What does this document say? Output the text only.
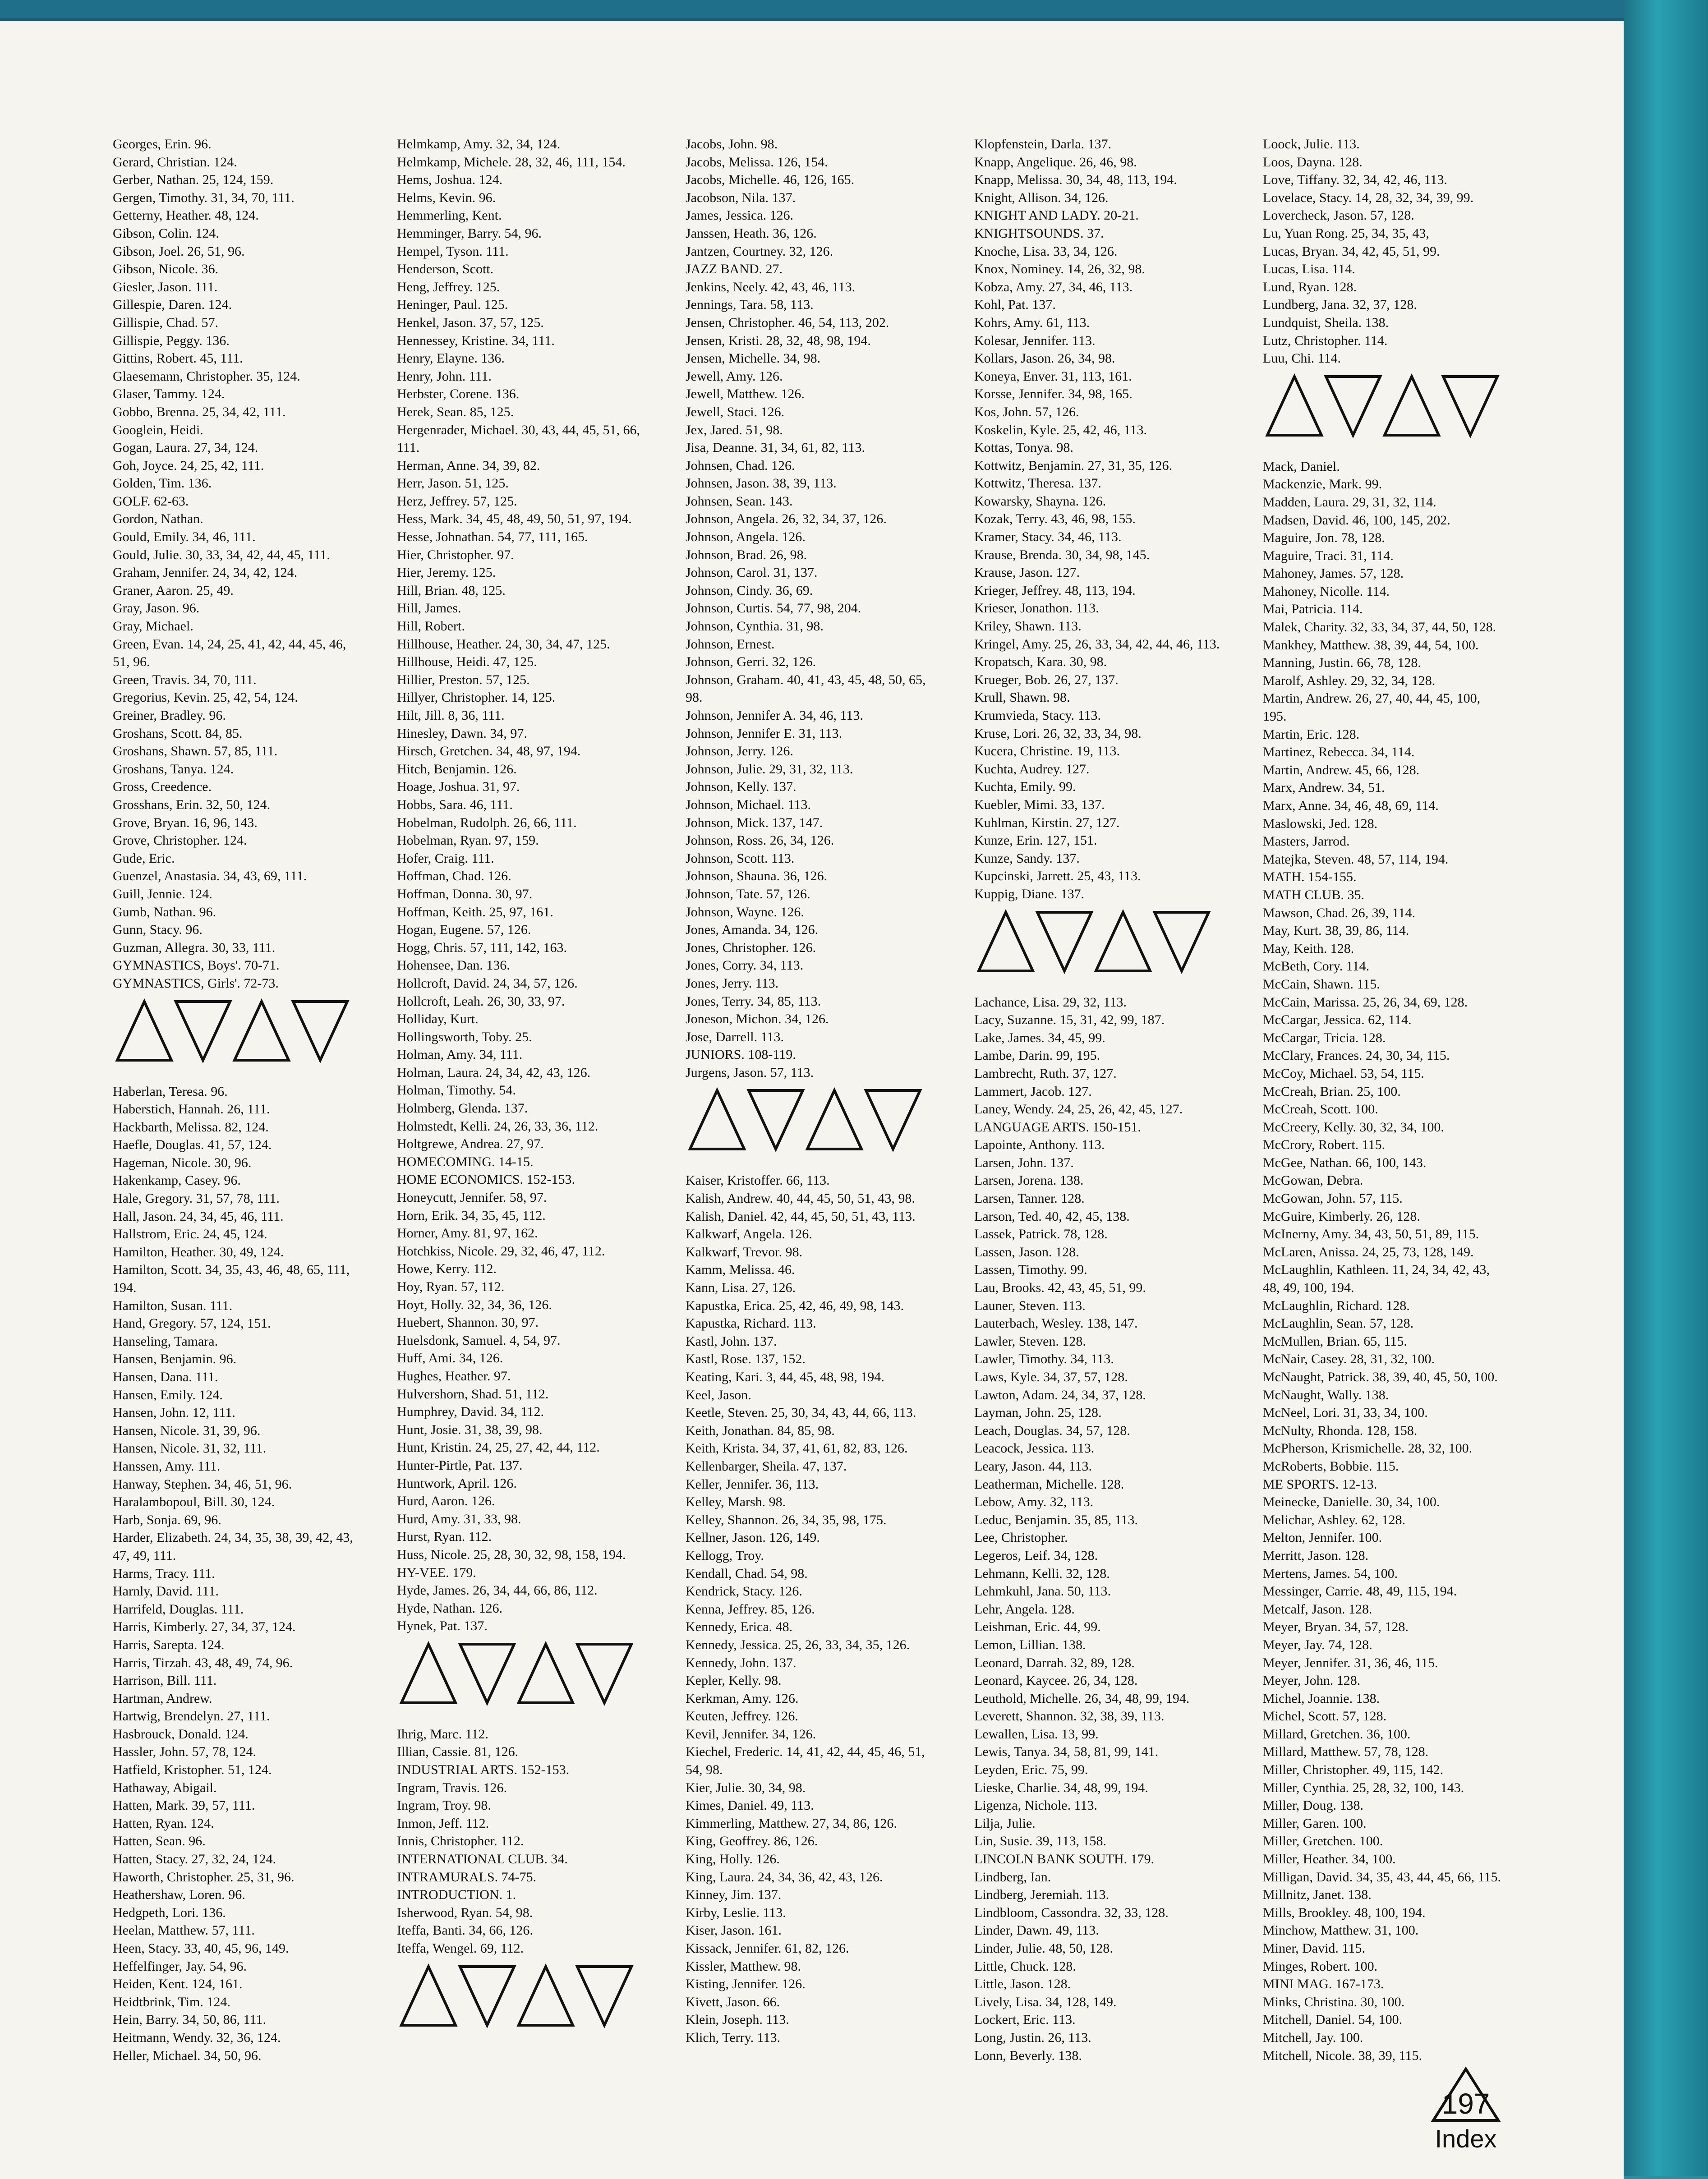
Georges, Erin. 96.
Gerard, Christian. 124.
Gerber, Nathan. 25, 124, 159.
Gergen, Timothy. 31, 34, 70, 111.
Getterny, Heather. 48, 124.
Gibson, Colin. 124.
Gibson, Joel. 26, 51, 96.
Gibson, Nicole. 36.
Giesler, Jason. 111.
Gillespie, Daren. 124.
Gillispie, Chad. 57.
Gillispie, Peggy. 136.
Gittins, Robert. 45, 111.
Glaesemann, Christopher. 35, 124.
Glaser, Tammy. 124.
Gobbo, Brenna. 25, 34, 42, 111.
Googlein, Heidi.
Gogan, Laura. 27, 34, 124.
Goh, Joyce. 24, 25, 42, 111.
Golden, Tim. 136.
GOLF. 62-63.
Gordon, Nathan.
Gould, Emily. 34, 46, 111.
Gould, Julie. 30, 33, 34, 42, 44, 45, 111.
Graham, Jennifer. 24, 34, 42, 124.
Graner, Aaron. 25, 49.
Gray, Jason. 96.
Gray, Michael.
Green, Evan. 14, 24, 25, 41, 42, 44, 45, 46,
51, 96.
Green, Travis. 34, 70, 111.
Gregorius, Kevin. 25, 42, 54, 124.
Greiner, Bradley. 96.
Groshans, Scott. 84, 85.
Groshans, Shawn. 57, 85, 111.
Groshans, Tanya. 124.
Gross, Creedence.
Grosshans, Erin. 32, 50, 124.
Grove, Bryan. 16, 96, 143.
Grove, Christopher. 124.
Gude, Eric.
Guenzel, Anastasia. 34, 43, 69, 111.
Guill, Jennie. 124.
Gumb, Nathan. 96.
Gunn, Stacy. 96.
Guzman, Allegra. 30, 33, 111.
GYMNASTICS, Boys'. 70-71.
GYMNASTICS, Girls'. 72-73.
Haberlan, Teresa. 96.
Haberstich, Hannah. 26, 111.
Hackbarth, Melissa. 82, 124.
Haefle, Douglas. 41, 57, 124.
Hageman, Nicole. 30, 96.
Hakenkamp, Casey. 96.
Hale, Gregory. 31, 57, 78, 111.
Hall, Jason. 24, 34, 45, 46, 111.
Hallstrom, Eric. 24, 45, 124.
Hamilton, Heather. 30, 49, 124.
Hamilton, Scott. 34, 35, 43, 46, 48, 65, 111,
194.
Hamilton, Susan. 111.
Hand, Gregory. 57, 124, 151.
Hanseling, Tamara.
Hansen, Benjamin. 96.
Hansen, Dana. 111.
Hansen, Emily. 124.
Hansen, John. 12, 111.
Hansen, Nicole. 31, 39, 96.
Hansen, Nicole. 31, 32, 111.
Hanssen, Amy. 111.
Hanway, Stephen. 34, 46, 51, 96.
Haralambopoul, Bill. 30, 124.
Harb, Sonja. 69, 96.
Harder, Elizabeth. 24, 34, 35, 38, 39, 42, 43,
47, 49, 111.
Harms, Tracy. 111.
Harnly, David. 111.
Harrifeld, Douglas. 111.
Harris, Kimberly. 27, 34, 37, 124.
Harris, Sarepta. 124.
Harris, Tirzah. 43, 48, 49, 74, 96.
Harrison, Bill. 111.
Hartman, Andrew.
Hartwig, Brendelyn. 27, 111.
Hasbrouck, Donald. 124.
Hassler, John. 57, 78, 124.
Hatfield, Kristopher. 51, 124.
Hathaway, Abigail.
Hatten, Mark. 39, 57, 111.
Hatten, Ryan. 124.
Hatten, Sean. 96.
Hatten, Stacy. 27, 32, 24, 124.
Haworth, Christopher. 25, 31, 96.
Heathershaw, Loren. 96.
Hedgpeth, Lori. 136.
Heelan, Matthew. 57, 111.
Heen, Stacy. 33, 40, 45, 96, 149.
Heffelfinger, Jay. 54, 96.
Heiden, Kent. 124, 161.
Heidtbrink, Tim. 124.
Hein, Barry. 34, 50, 86, 111.
Heitmann, Wendy. 32, 36, 124.
Heller, Michael. 34, 50, 96.
Helmkamp, Amy. 32, 34, 124.
Helmkamp, Michele. 28, 32, 46, 111, 154.
Hems, Joshua. 124.
Helms, Kevin. 96.
Hemmerling, Kent.
Hemminger, Barry. 54, 96.
Hempel, Tyson. 111.
Henderson, Scott.
Heng, Jeffrey. 125.
Heninger, Paul. 125.
Henkel, Jason. 37, 57, 125.
Hennessey, Kristine. 34, 111.
Henry, Elayne. 136.
Henry, John. 111.
Herbster, Corene. 136.
Herek, Sean. 85, 125.
Hergenrader, Michael. 30, 43, 44, 45, 51, 66,
111.
Herman, Anne. 34, 39, 82.
Herr, Jason. 51, 125.
Herz, Jeffrey. 57, 125.
Hess, Mark. 34, 45, 48, 49, 50, 51, 97, 194.
Hesse, Johnathan. 54, 77, 111, 165.
Hier, Christopher. 97.
Hier, Jeremy. 125.
Hill, Brian. 48, 125.
Hill, James.
Hill, Robert.
Hillhouse, Heather. 24, 30, 34, 47, 125.
Hillhouse, Heidi. 47, 125.
Hillier, Preston. 57, 125.
Hillyer, Christopher. 14, 125.
Hilt, Jill. 8, 36, 111.
Hinesley, Dawn. 34, 97.
Hirsch, Gretchen. 34, 48, 97, 194.
Hitch, Benjamin. 126.
Hoage, Joshua. 31, 97.
Hobbs, Sara. 46, 111.
Hobelman, Rudolph. 26, 66, 111.
Hobelman, Ryan. 97, 159.
Hofer, Craig. 111.
Hoffman, Chad. 126.
Hoffman, Donna. 30, 97.
Hoffman, Keith. 25, 97, 161.
Hogan, Eugene. 57, 126.
Hogg, Chris. 57, 111, 142, 163.
Hohensee, Dan. 136.
Hollcroft, David. 24, 34, 57, 126.
Hollcroft, Leah. 26, 30, 33, 97.
Holliday, Kurt.
Hollingsworth, Toby. 25.
Holman, Amy. 34, 111.
Holman, Laura. 24, 34, 42, 43, 126.
Holman, Timothy. 54.
Holmberg, Glenda. 137.
Holmstedt, Kelli. 24, 26, 33, 36, 112.
Holtgrewe, Andrea. 27, 97.
HOMECOMING. 14-15.
HOME ECONOMICS. 152-153.
Honeycutt, Jennifer. 58, 97.
Horn, Erik. 34, 35, 45, 112.
Horner, Amy. 81, 97, 162.
Hotchkiss, Nicole. 29, 32, 46, 47, 112.
Howe, Kerry. 112.
Hoy, Ryan. 57, 112.
Hoyt, Holly. 32, 34, 36, 126.
Huebert, Shannon. 30, 97.
Huelsdonk, Samuel. 4, 54, 97.
Huff, Ami. 34, 126.
Hughes, Heather. 97.
Hulvershorn, Shad. 51, 112.
Humphrey, David. 34, 112.
Hunt, Josie. 31, 38, 39, 98.
Hunt, Kristin. 24, 25, 27, 42, 44, 112.
Hunter-Pirtle, Pat. 137.
Huntwork, April. 126.
Hurd, Aaron. 126.
Hurd, Amy. 31, 33, 98.
Hurst, Ryan. 112.
Huss, Nicole. 25, 28, 30, 32, 98, 158, 194.
HY-VEE. 179.
Hyde, James. 26, 34, 44, 66, 86, 112.
Hyde, Nathan. 126.
Hynek, Pat. 137.
Ihrig, Marc. 112.
Illian, Cassie. 81, 126.
INDUSTRIAL ARTS. 152-153.
Ingram, Travis. 126.
Ingram, Troy. 98.
Inmon, Jeff. 112.
Innis, Christopher. 112.
INTERNATIONAL CLUB. 34.
INTRAMURALS. 74-75.
INTRODUCTION. 1.
Isherwood, Ryan. 54, 98.
Iteffa, Banti. 34, 66, 126.
Iteffa, Wengel. 69, 112.
Jacobs, John. 98.
Jacobs, Melissa. 126, 154.
Jacobs, Michelle. 46, 126, 165.
Jacobson, Nila. 137.
James, Jessica. 126.
Janssen, Heath. 36, 126.
Jantzen, Courtney. 32, 126.
JAZZ BAND. 27.
Jenkins, Neely. 42, 43, 46, 113.
Jennings, Tara. 58, 113.
Jensen, Christopher. 46, 54, 113, 202.
Jensen, Kristi. 28, 32, 48, 98, 194.
Jensen, Michelle. 34, 98.
Jewell, Amy. 126.
Jewell, Matthew. 126.
Jewell, Staci. 126.
Jex, Jared. 51, 98.
Jisa, Deanne. 31, 34, 61, 82, 113.
Johnsen, Chad. 126.
Johnsen, Jason. 38, 39, 113.
Johnsen, Sean. 143.
Johnson, Angela. 26, 32, 34, 37, 126.
Johnson, Angela. 126.
Johnson, Brad. 26, 98.
Johnson, Carol. 31, 137.
Johnson, Cindy. 36, 69.
Johnson, Curtis. 54, 77, 98, 204.
Johnson, Cynthia. 31, 98.
Johnson, Ernest.
Johnson, Gerri. 32, 126.
Johnson, Graham. 40, 41, 43, 45, 48, 50, 65,
98.
Johnson, Jennifer A. 34, 46, 113.
Johnson, Jennifer E. 31, 113.
Johnson, Jerry. 126.
Johnson, Julie. 29, 31, 32, 113.
Johnson, Kelly. 137.
Johnson, Michael. 113.
Johnson, Mick. 137, 147.
Johnson, Ross. 26, 34, 126.
Johnson, Scott. 113.
Johnson, Shauna. 36, 126.
Johnson, Tate. 57, 126.
Johnson, Wayne. 126.
Jones, Amanda. 34, 126.
Jones, Christopher. 126.
Jones, Corry. 34, 113.
Jones, Jerry. 113.
Jones, Terry. 34, 85, 113.
Joneson, Michon. 34, 126.
Jose, Darrell. 113.
JUNIORS. 108-119.
Jurgens, Jason. 57, 113.
Kaiser, Kristoffer. 66, 113.
Kalish, Andrew. 40, 44, 45, 50, 51, 43, 98.
Kalish, Daniel. 42, 44, 45, 50, 51, 43, 113.
Kalkwarf, Angela. 126.
Kalkwarf, Trevor. 98.
Kamm, Melissa. 46.
Kann, Lisa. 27, 126.
Kapustka, Erica. 25, 42, 46, 49, 98, 143.
Kapustka, Richard. 113.
Kastl, John. 137.
Kastl, Rose. 137, 152.
Keating, Kari. 3, 44, 45, 48, 98, 194.
Keel, Jason.
Keetle, Steven. 25, 30, 34, 43, 44, 66, 113.
Keith, Jonathan. 84, 85, 98.
Keith, Krista. 34, 37, 41, 61, 82, 83, 126.
Kellenbarger, Sheila. 47, 137.
Keller, Jennifer. 36, 113.
Kelley, Marsh. 98.
Kelley, Shannon. 26, 34, 35, 98, 175.
Kellner, Jason. 126, 149.
Kellogg, Troy.
Kendall, Chad. 54, 98.
Kendrick, Stacy. 126.
Kenna, Jeffrey. 85, 126.
Kennedy, Erica. 48.
Kennedy, Jessica. 25, 26, 33, 34, 35, 126.
Kennedy, John. 137.
Kepler, Kelly. 98.
Kerkman, Amy. 126.
Keuten, Jeffrey. 126.
Kevil, Jennifer. 34, 126.
Kiechel, Frederic. 14, 41, 42, 44, 45, 46, 51,
54, 98.
Kier, Julie. 30, 34, 98.
Kimes, Daniel. 49, 113.
Kimmerling, Matthew. 27, 34, 86, 126.
King, Geoffrey. 86, 126.
King, Holly. 126.
King, Laura. 24, 34, 36, 42, 43, 126.
Kinney, Jim. 137.
Kirby, Leslie. 113.
Kiser, Jason. 161.
Kissack, Jennifer. 61, 82, 126.
Kissler, Matthew. 98.
Kisting, Jennifer. 126.
Kivett, Jason. 66.
Klein, Joseph. 113.
Klich, Terry. 113.
Klopfenstein, Darla. 137.
Knapp, Angelique. 26, 46, 98.
Knapp, Melissa. 30, 34, 48, 113, 194.
Knight, Allison. 34, 126.
KNIGHT AND LADY. 20-21.
KNIGHTSOUNDS. 37.
Knoche, Lisa. 33, 34, 126.
Knox, Nominey. 14, 26, 32, 98.
Kobza, Amy. 27, 34, 46, 113.
Kohl, Pat. 137.
Kohrs, Amy. 61, 113.
Kolesar, Jennifer. 113.
Kollars, Jason. 26, 34, 98.
Koneya, Enver. 31, 113, 161.
Korsse, Jennifer. 34, 98, 165.
Kos, John. 57, 126.
Koskelin, Kyle. 25, 42, 46, 113.
Kottas, Tonya. 98.
Kottwitz, Benjamin. 27, 31, 35, 126.
Kottwitz, Theresa. 137.
Kowarsky, Shayna. 126.
Kozak, Terry. 43, 46, 98, 155.
Kramer, Stacy. 34, 46, 113.
Krause, Brenda. 30, 34, 98, 145.
Krause, Jason. 127.
Krieger, Jeffrey. 48, 113, 194.
Krieser, Jonathon. 113.
Kriley, Shawn. 113.
Kringel, Amy. 25, 26, 33, 34, 42, 44, 46, 113.
Kropatsch, Kara. 30, 98.
Krueger, Bob. 26, 27, 137.
Krull, Shawn. 98.
Krumvieda, Stacy. 113.
Kruse, Lori. 26, 32, 33, 34, 98.
Kucera, Christine. 19, 113.
Kuchta, Audrey. 127.
Kuchta, Emily. 99.
Kuebler, Mimi. 33, 137.
Kuhlman, Kirstin. 27, 127.
Kunze, Erin. 127, 151.
Kunze, Sandy. 137.
Kupcinski, Jarrett. 25, 43, 113.
Kuppig, Diane. 137.
Lachance, Lisa. 29, 32, 113.
Lacy, Suzanne. 15, 31, 42, 99, 187.
Lake, James. 34, 45, 99.
Lambe, Darin. 99, 195.
Lambrecht, Ruth. 37, 127.
Lammert, Jacob. 127.
Laney, Wendy. 24, 25, 26, 42, 45, 127.
LANGUAGE ARTS. 150-151.
Lapointe, Anthony. 113.
Larsen, John. 137.
Larsen, Jorena. 138.
Larsen, Tanner. 128.
Larson, Ted. 40, 42, 45, 138.
Lassek, Patrick. 78, 128.
Lassen, Jason. 128.
Lassen, Timothy. 99.
Lau, Brooks. 42, 43, 45, 51, 99.
Launer, Steven. 113.
Lauterbach, Wesley. 138, 147.
Lawler, Steven. 128.
Lawler, Timothy. 34, 113.
Laws, Kyle. 34, 37, 57, 128.
Lawton, Adam. 24, 34, 37, 128.
Layman, John. 25, 128.
Leach, Douglas. 34, 57, 128.
Leacock, Jessica. 113.
Leary, Jason. 44, 113.
Leatherman, Michelle. 128.
Lebow, Amy. 32, 113.
Leduc, Benjamin. 35, 85, 113.
Lee, Christopher.
Legeros, Leif. 34, 128.
Lehmann, Kelli. 32, 128.
Lehmkuhl, Jana. 50, 113.
Lehr, Angela. 128.
Leishman, Eric. 44, 99.
Lemon, Lillian. 138.
Leonard, Darrah. 32, 89, 128.
Leonard, Kaycee. 26, 34, 128.
Leuthold, Michelle. 26, 34, 48, 99, 194.
Leverett, Shannon. 32, 38, 39, 113.
Lewallen, Lisa. 13, 99.
Lewis, Tanya. 34, 58, 81, 99, 141.
Leyden, Eric. 75, 99.
Lieske, Charlie. 34, 48, 99, 194.
Ligenza, Nichole. 113.
Lilja, Julie.
Lin, Susie. 39, 113, 158.
LINCOLN BANK SOUTH. 179.
Lindberg, Ian.
Lindberg, Jeremiah. 113.
Lindbloom, Cassondra. 32, 33, 128.
Linder, Dawn. 49, 113.
Linder, Julie. 48, 50, 128.
Little, Chuck. 128.
Little, Jason. 128.
Lively, Lisa. 34, 128, 149.
Lockert, Eric. 113.
Long, Justin. 26, 113.
Lonn, Beverly. 138.
Loock, Julie. 113.
Loos, Dayna. 128.
Love, Tiffany. 32, 34, 42, 46, 113.
Lovelace, Stacy. 14, 28, 32, 34, 39, 99.
Lovercheck, Jason. 57, 128.
Lu, Yuan Rong. 25, 34, 35, 43,
Lucas, Bryan. 34, 42, 45, 51, 99.
Lucas, Lisa. 114.
Lund, Ryan. 128.
Lundberg, Jana. 32, 37, 128.
Lundquist, Sheila. 138.
Lutz, Christopher. 114.
Luu, Chi. 114.
Mack, Daniel.
Mackenzie, Mark. 99.
Madden, Laura. 29, 31, 32, 114.
Madsen, David. 46, 100, 145, 202.
Maguire, Jon. 78, 128.
Maguire, Traci. 31, 114.
Mahoney, James. 57, 128.
Mahoney, Nicolle. 114.
Mai, Patricia. 114.
Malek, Charity. 32, 33, 34, 37, 44, 50, 128.
Mankhey, Matthew. 38, 39, 44, 54, 100.
Manning, Justin. 66, 78, 128.
Marolf, Ashley. 29, 32, 34, 128.
Martin, Andrew. 26, 27, 40, 44, 45, 100,
195.
Martin, Eric. 128.
Martinez, Rebecca. 34, 114.
Martin, Andrew. 45, 66, 128.
Marx, Andrew. 34, 51.
Marx, Anne. 34, 46, 48, 69, 114.
Maslowski, Jed. 128.
Masters, Jarrod.
Matejka, Steven. 48, 57, 114, 194.
MATH. 154-155.
MATH CLUB. 35.
Mawson, Chad. 26, 39, 114.
May, Kurt. 38, 39, 86, 114.
May, Keith. 128.
McBeth, Cory. 114.
McCain, Shawn. 115.
McCain, Marissa. 25, 26, 34, 69, 128.
McCargar, Jessica. 62, 114.
McCargar, Tricia. 128.
McClary, Frances. 24, 30, 34, 115.
McCoy, Michael. 53, 54, 115.
McCreah, Brian. 25, 100.
McCreah, Scott. 100.
McCreery, Kelly. 30, 32, 34, 100.
McCrory, Robert. 115.
McGee, Nathan. 66, 100, 143.
McGowan, Debra.
McGowan, John. 57, 115.
McGuire, Kimberly. 26, 128.
McInerny, Amy. 34, 43, 50, 51, 89, 115.
McLaren, Anissa. 24, 25, 73, 128, 149.
McLaughlin, Kathleen. 11, 24, 34, 42, 43,
48, 49, 100, 194.
McLaughlin, Richard. 128.
McLaughlin, Sean. 57, 128.
McMullen, Brian. 65, 115.
McNair, Casey. 28, 31, 32, 100.
McNaught, Patrick. 38, 39, 40, 45, 50, 100.
McNaught, Wally. 138.
McNeel, Lori. 31, 33, 34, 100.
McNulty, Rhonda. 128, 158.
McPherson, Krismichelle. 28, 32, 100.
McRoberts, Bobbie. 115.
ME SPORTS. 12-13.
Meinecke, Danielle. 30, 34, 100.
Melichar, Ashley. 62, 128.
Melton, Jennifer. 100.
Merritt, Jason. 128.
Mertens, James. 54, 100.
Messinger, Carrie. 48, 49, 115, 194.
Metcalf, Jason. 128.
Meyer, Bryan. 34, 57, 128.
Meyer, Jay. 74, 128.
Meyer, Jennifer. 31, 36, 46, 115.
Meyer, John. 128.
Michel, Joannie. 138.
Michel, Scott. 57, 128.
Millard, Gretchen. 36, 100.
Millard, Matthew. 57, 78, 128.
Miller, Christopher. 49, 115, 142.
Miller, Cynthia. 25, 28, 32, 100, 143.
Miller, Doug. 138.
Miller, Garen. 100.
Miller, Gretchen. 100.
Miller, Heather. 34, 100.
Milligan, David. 34, 35, 43, 44, 45, 66, 115.
Millnitz, Janet. 138.
Mills, Brookley. 48, 100, 194.
Minchow, Matthew. 31, 100.
Miner, David. 115.
Minges, Robert. 100.
MINI MAG. 167-173.
Minks, Christina. 30, 100.
Mitchell, Daniel. 54, 100.
Mitchell, Jay. 100.
Mitchell, Nicole. 38, 39, 115.
197
Index
